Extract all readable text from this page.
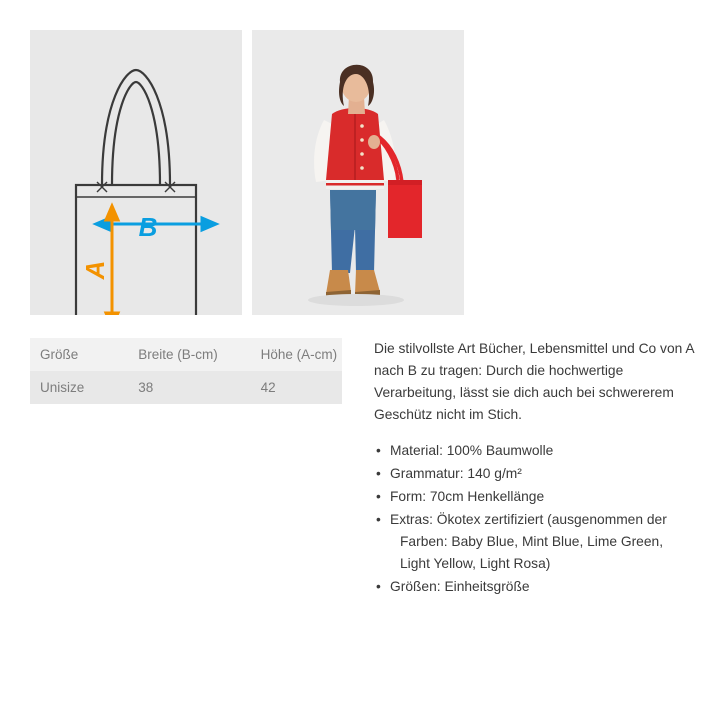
B
A
Größe	Breite (B-cm)	Höhe (A-cm)
Unisize	38	42

Die stilvollste Art Bücher, Lebensmittel und Co von A nach B zu tragen: Durch die hochwertige Verarbeitung, lässt sie dich auch bei schwererem Geschütz nicht im Stich.

• Material: 100% Baumwolle
• Grammatur: 140 g/m²
• Form: 70cm Henkellänge
• Extras: Ökotex zertifiziert (ausgenommen der
Farben: Baby Blue, Mint Blue, Lime Green,
Light Yellow, Light Rosa)
• Größen: Einheitsgröße
